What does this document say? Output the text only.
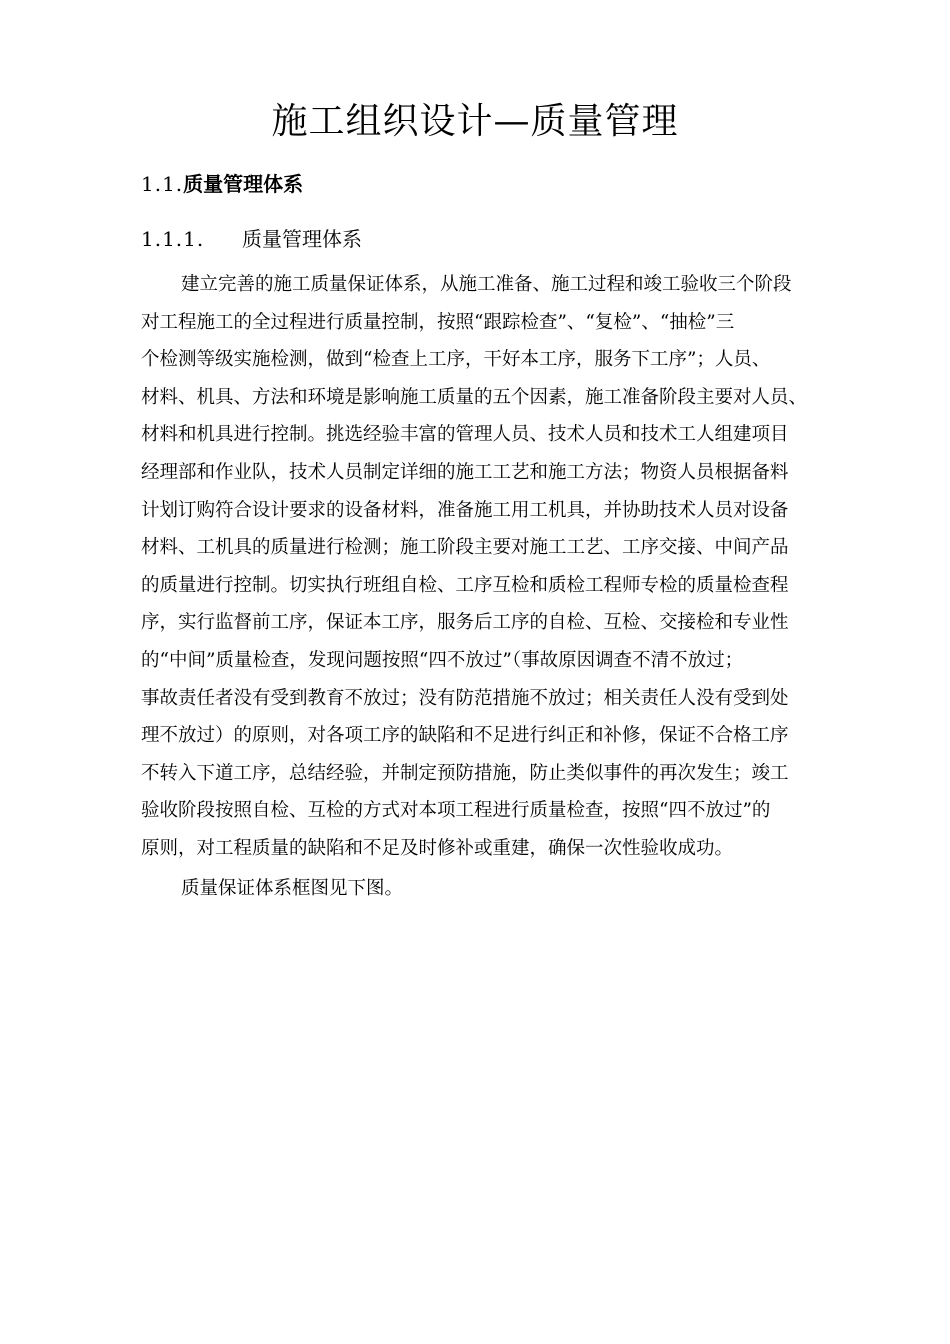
施工组织设计—质量管理
1.1.质量管理体系
1.1.1. 质量管理体系
建立完善的施工质量保证体系，从施工准备、施工过程和竣工验收三个阶段
对工程施工的全过程进行质量控制，按照“跟踪检查”、“复检”、“抽检”三
个检测等级实施检测，做到“检查上工序，干好本工序，服务下工序”；人员、
材料、机具、方法和环境是影响施工质量的五个因素，施工准备阶段主要对人员、
材料和机具进行控制。挑选经验丰富的管理人员、技术人员和技术工人组建项目
经理部和作业队，技术人员制定详细的施工工艺和施工方法；物资人员根据备料
计划订购符合设计要求的设备材料，准备施工用工机具，并协助技术人员对设备
材料、工机具的质量进行检测；施工阶段主要对施工工艺、工序交接、中间产品
的质量进行控制。切实执行班组自检、工序互检和质检工程师专检的质量检查程
序，实行监督前工序，保证本工序，服务后工序的自检、互检、交接检和专业性
的“中间”质量检查，发现问题按照“四不放过”（事故原因调查不清不放过；
事故责任者没有受到教育不放过；没有防范措施不放过；相关责任人没有受到处
理不放过）的原则，对各项工序的缺陷和不足进行纠正和补修，保证不合格工序
不转入下道工序，总结经验，并制定预防措施，防止类似事件的再次发生；竣工
验收阶段按照自检、互检的方式对本项工程进行质量检查，按照“四不放过”的
原则，对工程质量的缺陷和不足及时修补或重建，确保一次性验收成功。
质量保证体系框图见下图。
